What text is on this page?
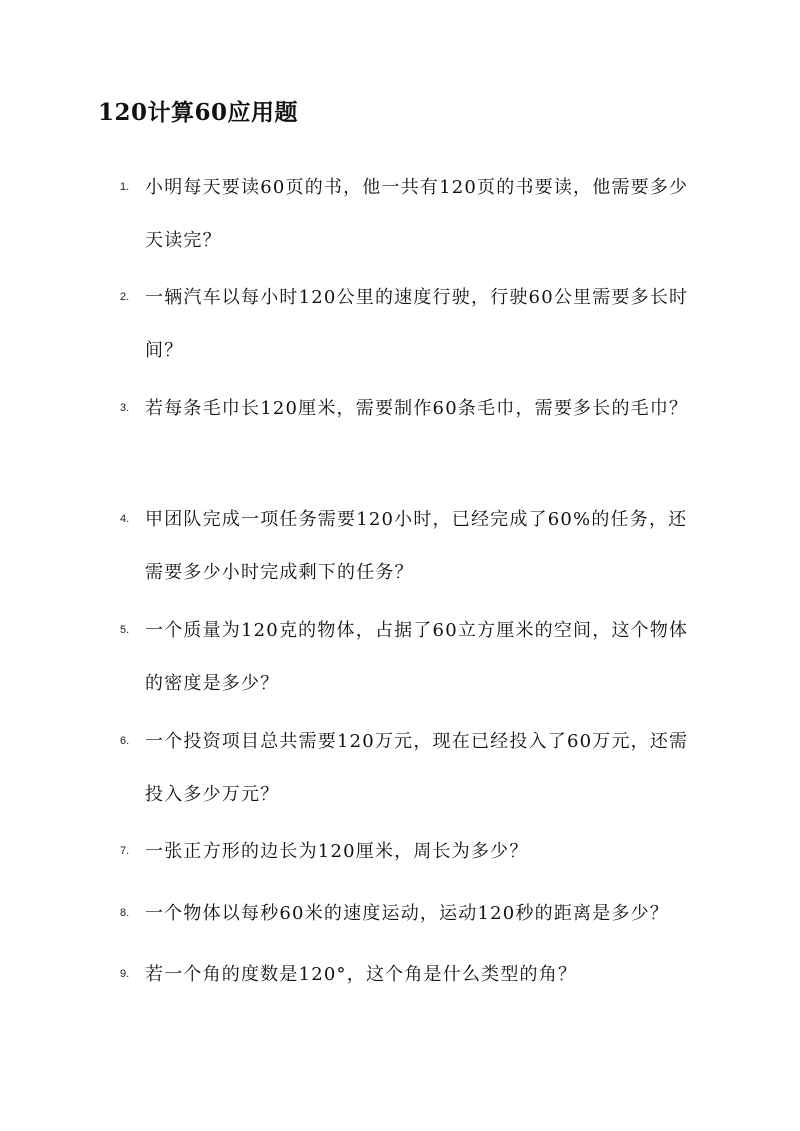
120计算60应用题
1. 小明每天要读60页的书，他一共有120页的书要读，他需要多少天读完？

2. 一辆汽车以每小时120公里的速度行驶，行驶60公里需要多长时间？

3. 若每条毛巾长120厘米，需要制作60条毛巾，需要多长的毛巾？

4. 甲团队完成一项任务需要120小时，已经完成了60%的任务，还需要多少小时完成剩下的任务？

5. 一个质量为120克的物体，占据了60立方厘米的空间，这个物体的密度是多少？

6. 一个投资项目总共需要120万元，现在已经投入了60万元，还需投入多少万元？

7. 一张正方形的边长为120厘米，周长为多少？

8. 一个物体以每秒60米的速度运动，运动120秒的距离是多少？

9. 若一个角的度数是120°，这个角是什么类型的角？
